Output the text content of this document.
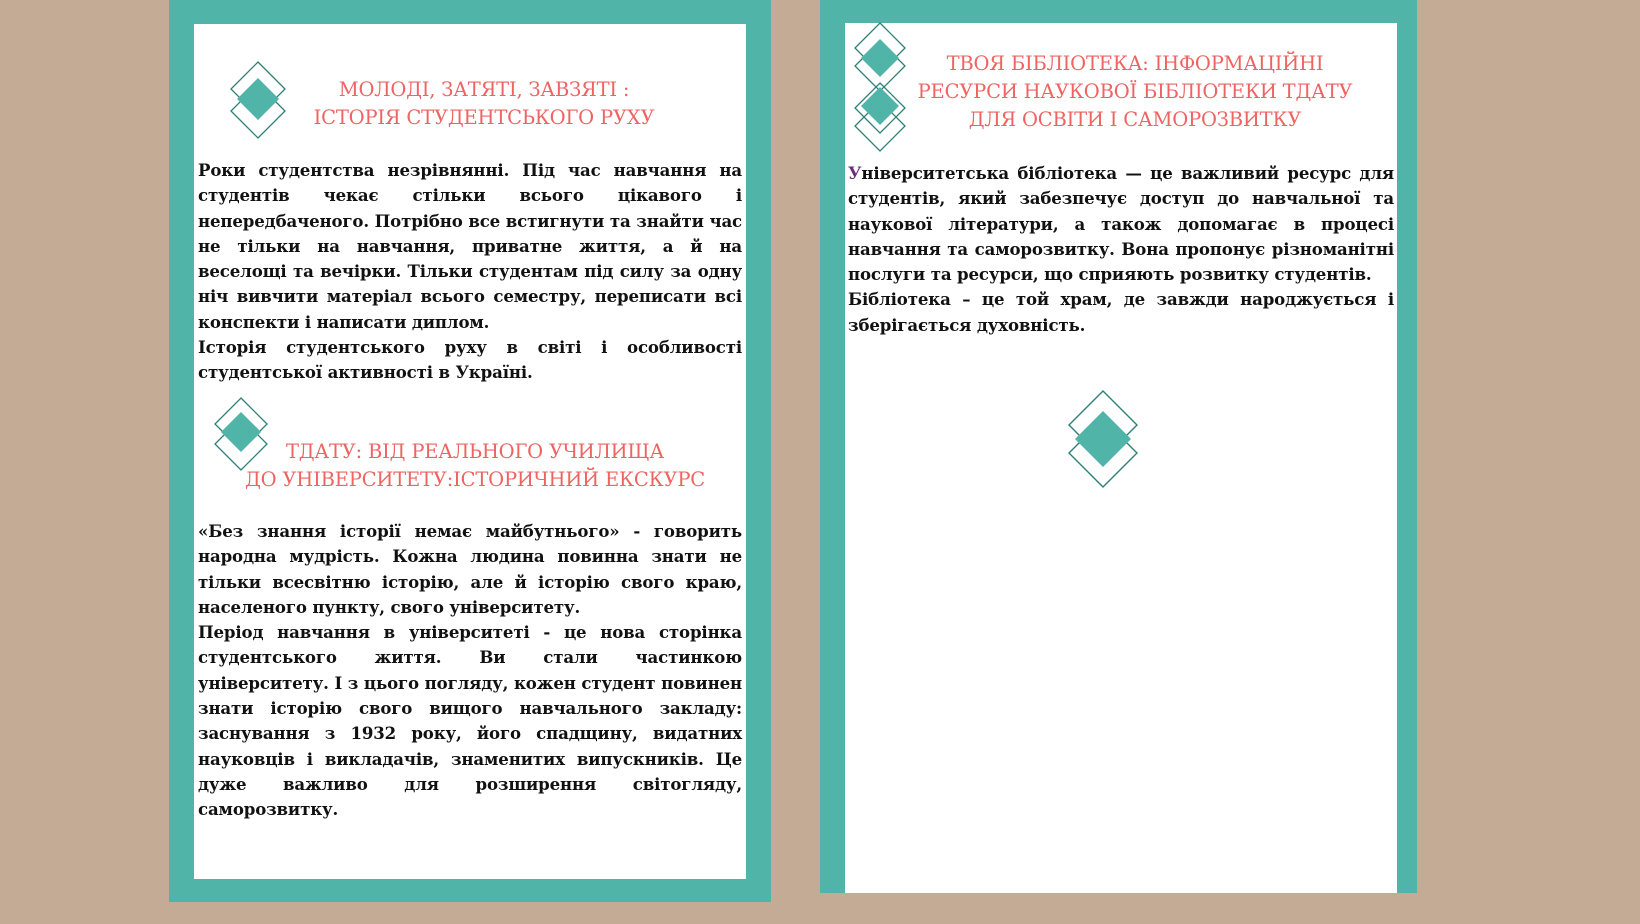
МОЛОДІ, ЗАТЯТІ, ЗАВЗЯТІ :
ІСТОРІЯ СТУДЕНТСЬКОГО РУХУ

Роки студентства незрівнянні. Під час навчання на студентів чекає стільки всього цікавого і непередбаченого. Потрібно все встигнути та знайти час не тільки на навчання, приватне життя, а й на веселощі та вечірки. Тільки студентам під силу за одну ніч вивчити матеріал всього семестру, переписати всі конспекти і написати диплом.

Історія студентського руху в світі і особливості студентської активності в Україні.

ТДАТУ: ВІД РЕАЛЬНОГО УЧИЛИЩА
ДО УНІВЕРСИТЕТУ:ІСТОРИЧНИЙ ЕКСКУРС

«Без знання історії немає майбутнього» - говорить народна мудрість. Кожна людина повинна знати не тільки всесвітню історію, але й історію свого краю, населеного пункту, свого університету.

Період навчання в університеті - це нова сторінка студентського життя. Ви стали частинкою університету. І з цього погляду, кожен студент повинен знати історію свого вищого навчального закладу: заснування з 1932 року, його спадщину, видатних науковців і викладачів, знаменитих випускників. Це дуже важливо для розширення світогляду, саморозвитку.

ТВОЯ БІБЛІОТЕКА: ІНФОРМАЦІЙНІ
РЕСУРСИ НАУКОВОЇ БІБЛІОТЕКИ ТДАТУ
ДЛЯ ОСВІТИ І САМОРОЗВИТКУ

Університетська бібліотека — це важливий ресурс для студентів, який забезпечує доступ до навчальної та наукової літератури, а також допомагає в процесі навчання та саморозвитку. Вона пропонує різноманітні послуги та ресурси, що сприяють розвитку студентів.

Бібліотека – це той храм, де завжди народжується і зберігається духовність.
